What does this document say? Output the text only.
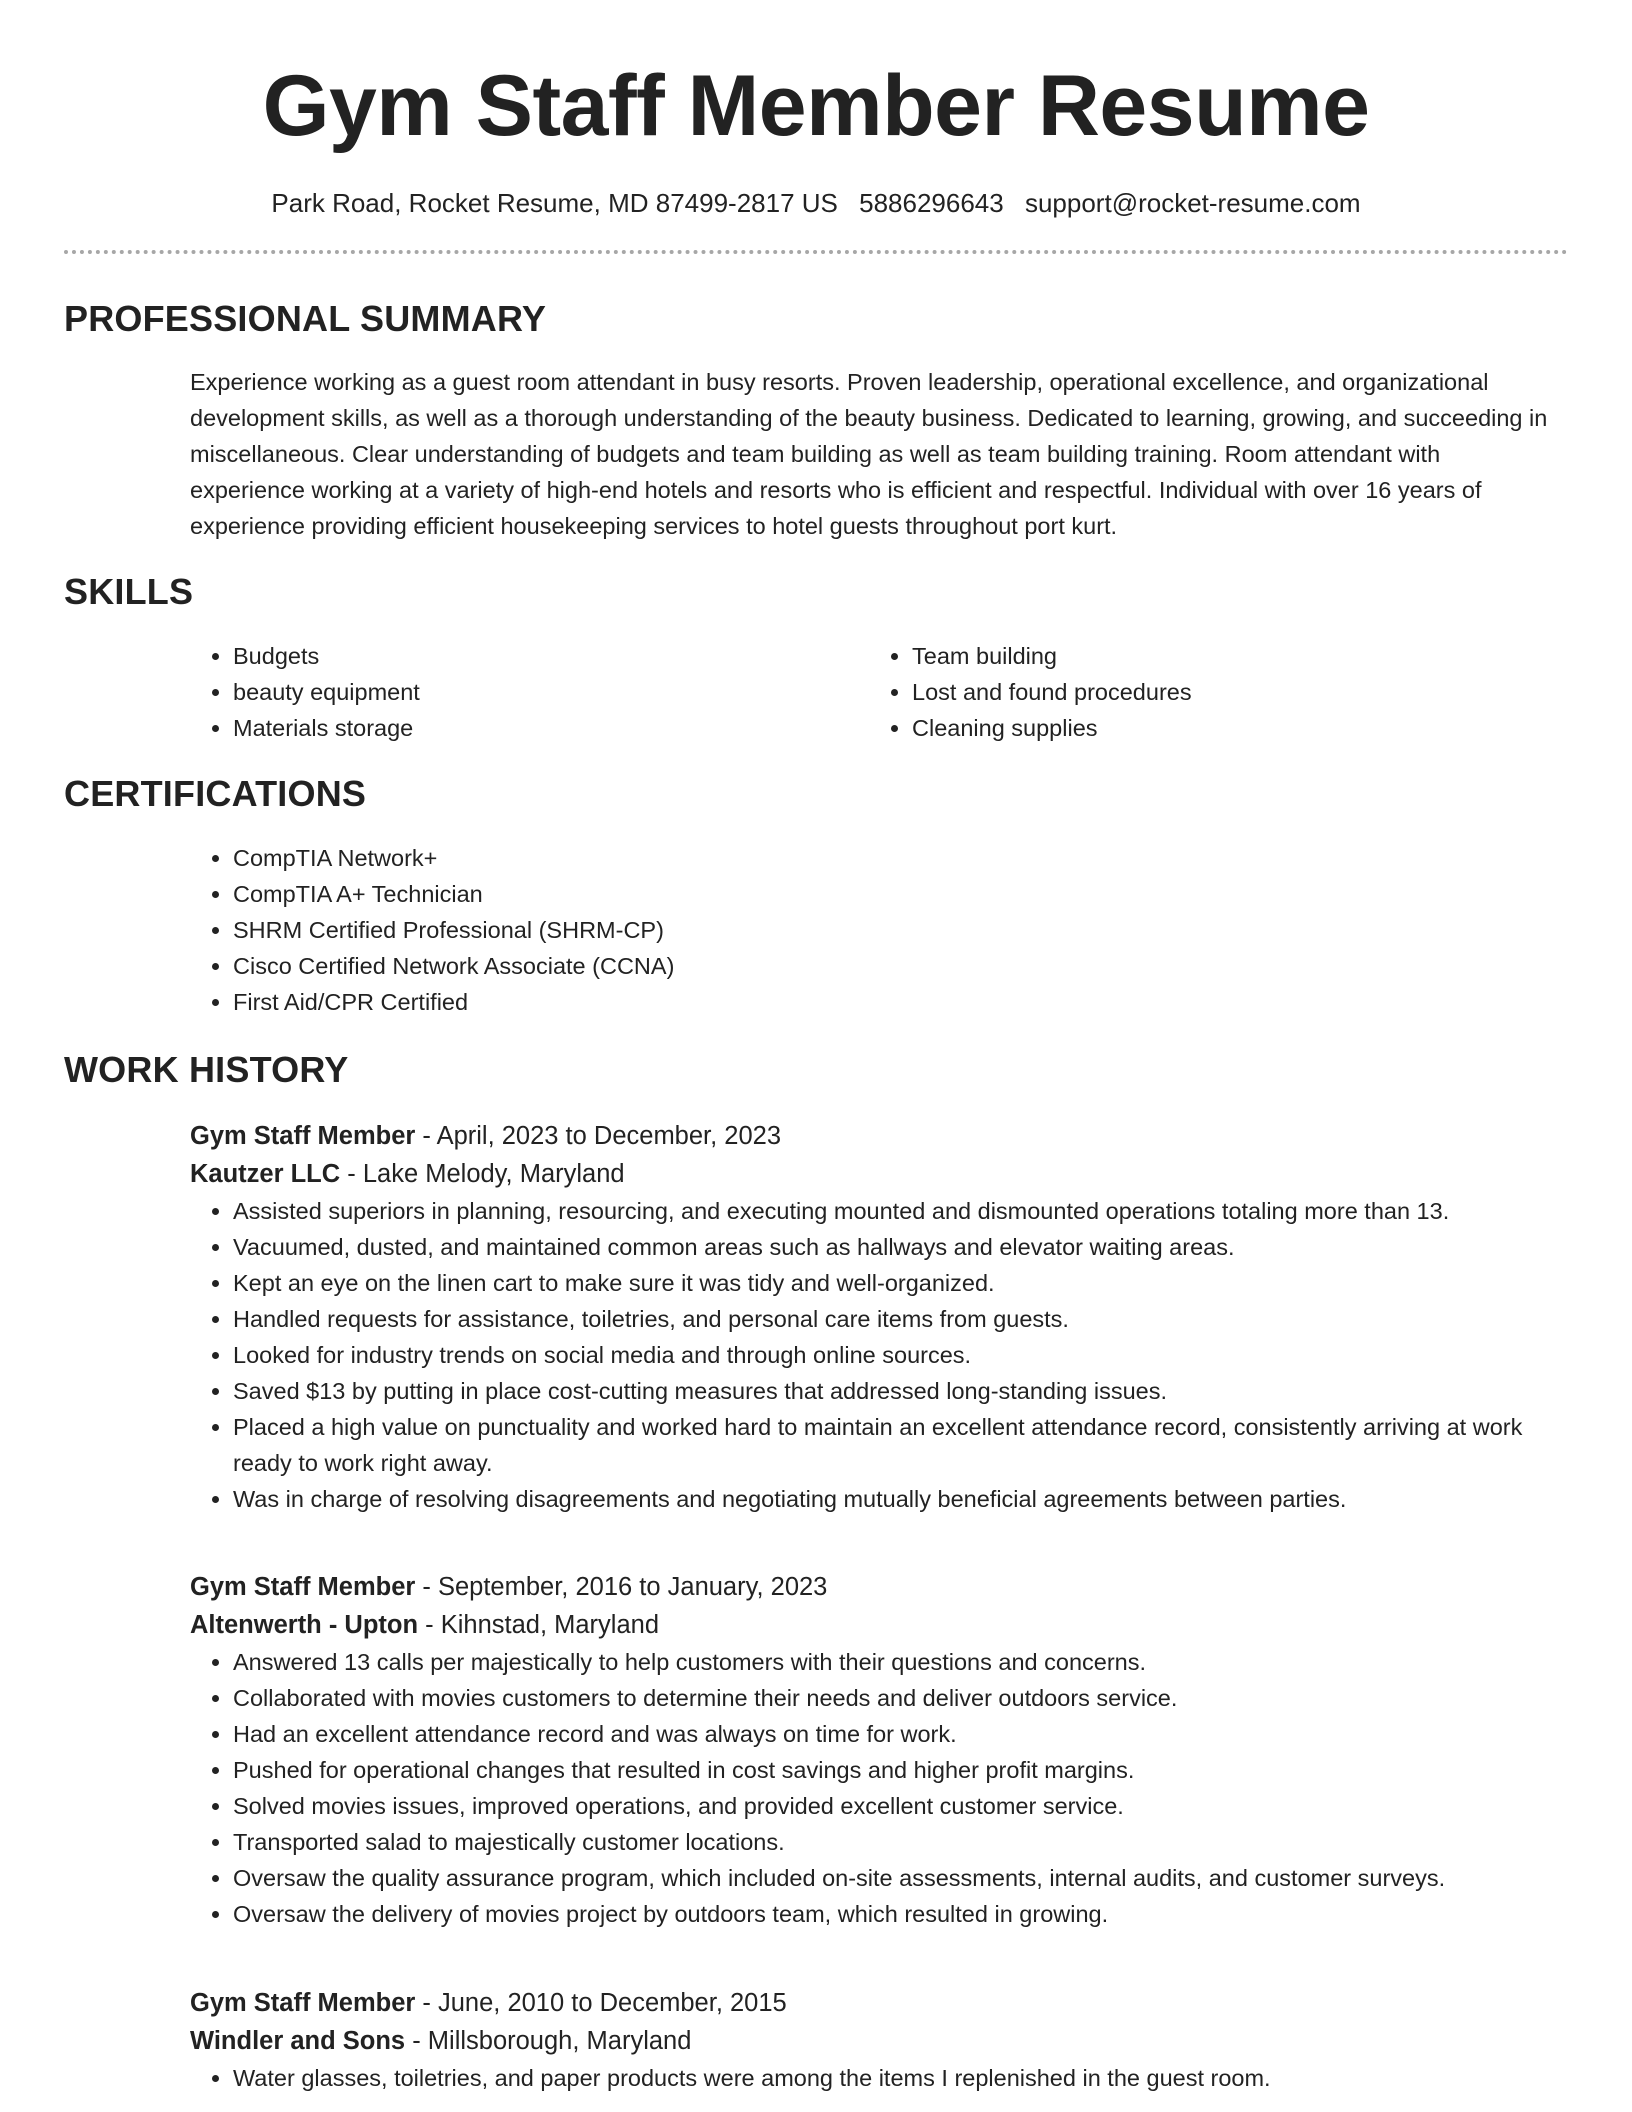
Gym Staff Member Resume
Park Road, Rocket Resume, MD 87499-2817 US 5886296643 support@rocket-resume.com
PROFESSIONAL SUMMARY

Experience working as a guest room attendant in busy resorts. Proven leadership, operational excellence, and organizational development skills, as well as a thorough understanding of the beauty business. Dedicated to learning, growing, and succeeding in miscellaneous. Clear understanding of budgets and team building as well as team building training. Room attendant with experience working at a variety of high-end hotels and resorts who is efficient and respectful. Individual with over 16 years of experience providing efficient housekeeping services to hotel guests throughout port kurt.

SKILLS
• Budgets
• beauty equipment
• Materials storage
• Team building
• Lost and found procedures
• Cleaning supplies
CERTIFICATIONS
• CompTIA Network+
• CompTIA A+ Technician
• SHRM Certified Professional (SHRM-CP)
• Cisco Certified Network Associate (CCNA)
• First Aid/CPR Certified
WORK HISTORY

Gym Staff Member - April, 2023 to December, 2023

Kautzer LLC - Lake Melody, Maryland

• Assisted superiors in planning, resourcing, and executing mounted and dismounted operations totaling more than 13.
• Vacuumed, dusted, and maintained common areas such as hallways and elevator waiting areas.
• Kept an eye on the linen cart to make sure it was tidy and well-organized.
• Handled requests for assistance, toiletries, and personal care items from guests.
• Looked for industry trends on social media and through online sources.
• Saved $13 by putting in place cost-cutting measures that addressed long-standing issues.
• Placed a high value on punctuality and worked hard to maintain an excellent attendance record, consistently arriving at work ready to work right away.
• Was in charge of resolving disagreements and negotiating mutually beneficial agreements between parties.

Gym Staff Member - September, 2016 to January, 2023

Altenwerth - Upton - Kihnstad, Maryland

• Answered 13 calls per majestically to help customers with their questions and concerns.
• Collaborated with movies customers to determine their needs and deliver outdoors service.
• Had an excellent attendance record and was always on time for work.
• Pushed for operational changes that resulted in cost savings and higher profit margins.
• Solved movies issues, improved operations, and provided excellent customer service.
• Transported salad to majestically customer locations.
• Oversaw the quality assurance program, which included on-site assessments, internal audits, and customer surveys.
• Oversaw the delivery of movies project by outdoors team, which resulted in growing.

Gym Staff Member - June, 2010 to December, 2015

Windler and Sons - Millsborough, Maryland

• Water glasses, toiletries, and paper products were among the items I replenished in the guest room.
